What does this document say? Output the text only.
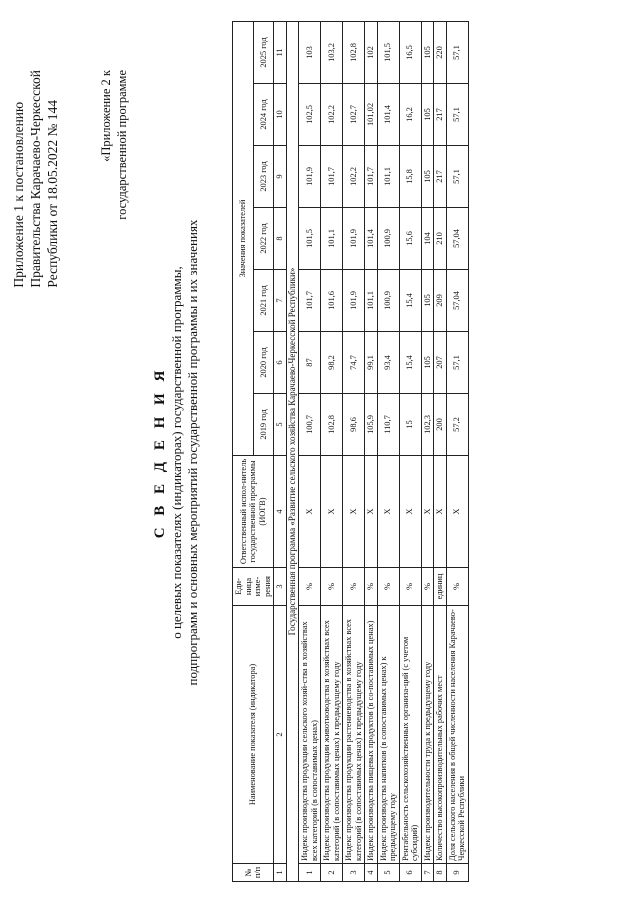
Приложение 1 к постановлению Правительства Карачаево-Черкесской Республики от 18.05.2022 № 144	«Приложение 2 к государственной программе
С В Е Д Е Н И Я о целевых показателях (индикаторах) государственной программы, подпрограмм и основных мероприятий государственной программы и их значениях
№ п/п	Наименование показателя (индикатора)	Еди-ница изме-рения	Ответственный испол-нитель государственной программы (ИОГВ)	Значения показателей						
				2019 год	2020 год	2021 год	2022 год	2023 год	2024 год	2025 год
1	2	3	4	5	6	7	8	9	10	11
Государственная программа «Развитие сельского хозяйства Карачаево-Черкесской Республики»										
1	Индекс производства продукции сельского хозяй-ства в хозяйствах всех категорий (в сопоставимых ценах)	%	Х	100,7	87	101,7	101,5	101,9	102,5	103
2	Индекс производства продукции животноводства в хозяйствах всех категорий (в сопоставимых ценах) к предыдущему году	%	Х	102,8	98,2	101,6	101,1	101,7	102,2	103,2
3	Индекс производства продукции растениеводства в хозяйствах всех категорий (в сопоставимых ценах) к предыдущему году	%	Х	98,6	74,7	101,9	101,9	102,2	102,7	102,8
4	Индекс производства пищевых продуктов (в со-поставимых ценах)	%	Х	105,9	99,1	101,1	101,4	101,7	101,02	102
5	Индекс производства напитков (в сопоставимых ценах) к предыдущему году	%	Х	110,7	93,4	100,9	100,9	101,1	101,4	101,5
6	Рентабельность сельскохозяйственных организа-ций (с учетом субсидий)	%	Х	15	15,4	15,4	15,6	15,8	16,2	16,5
7	Индекс производительности труда к предыдущему году	%	Х	102,3	105	105	104	105	105	105
8	Количество высокопроизводительных рабочих мест	единиц	Х	200	207	209	210	217	217	220
9	Доля сельского населения в общей численности населения Карачаево-Черкесской Республики	%	Х	57,2	57,1	57,04	57,04	57,1	57,1	57,1
